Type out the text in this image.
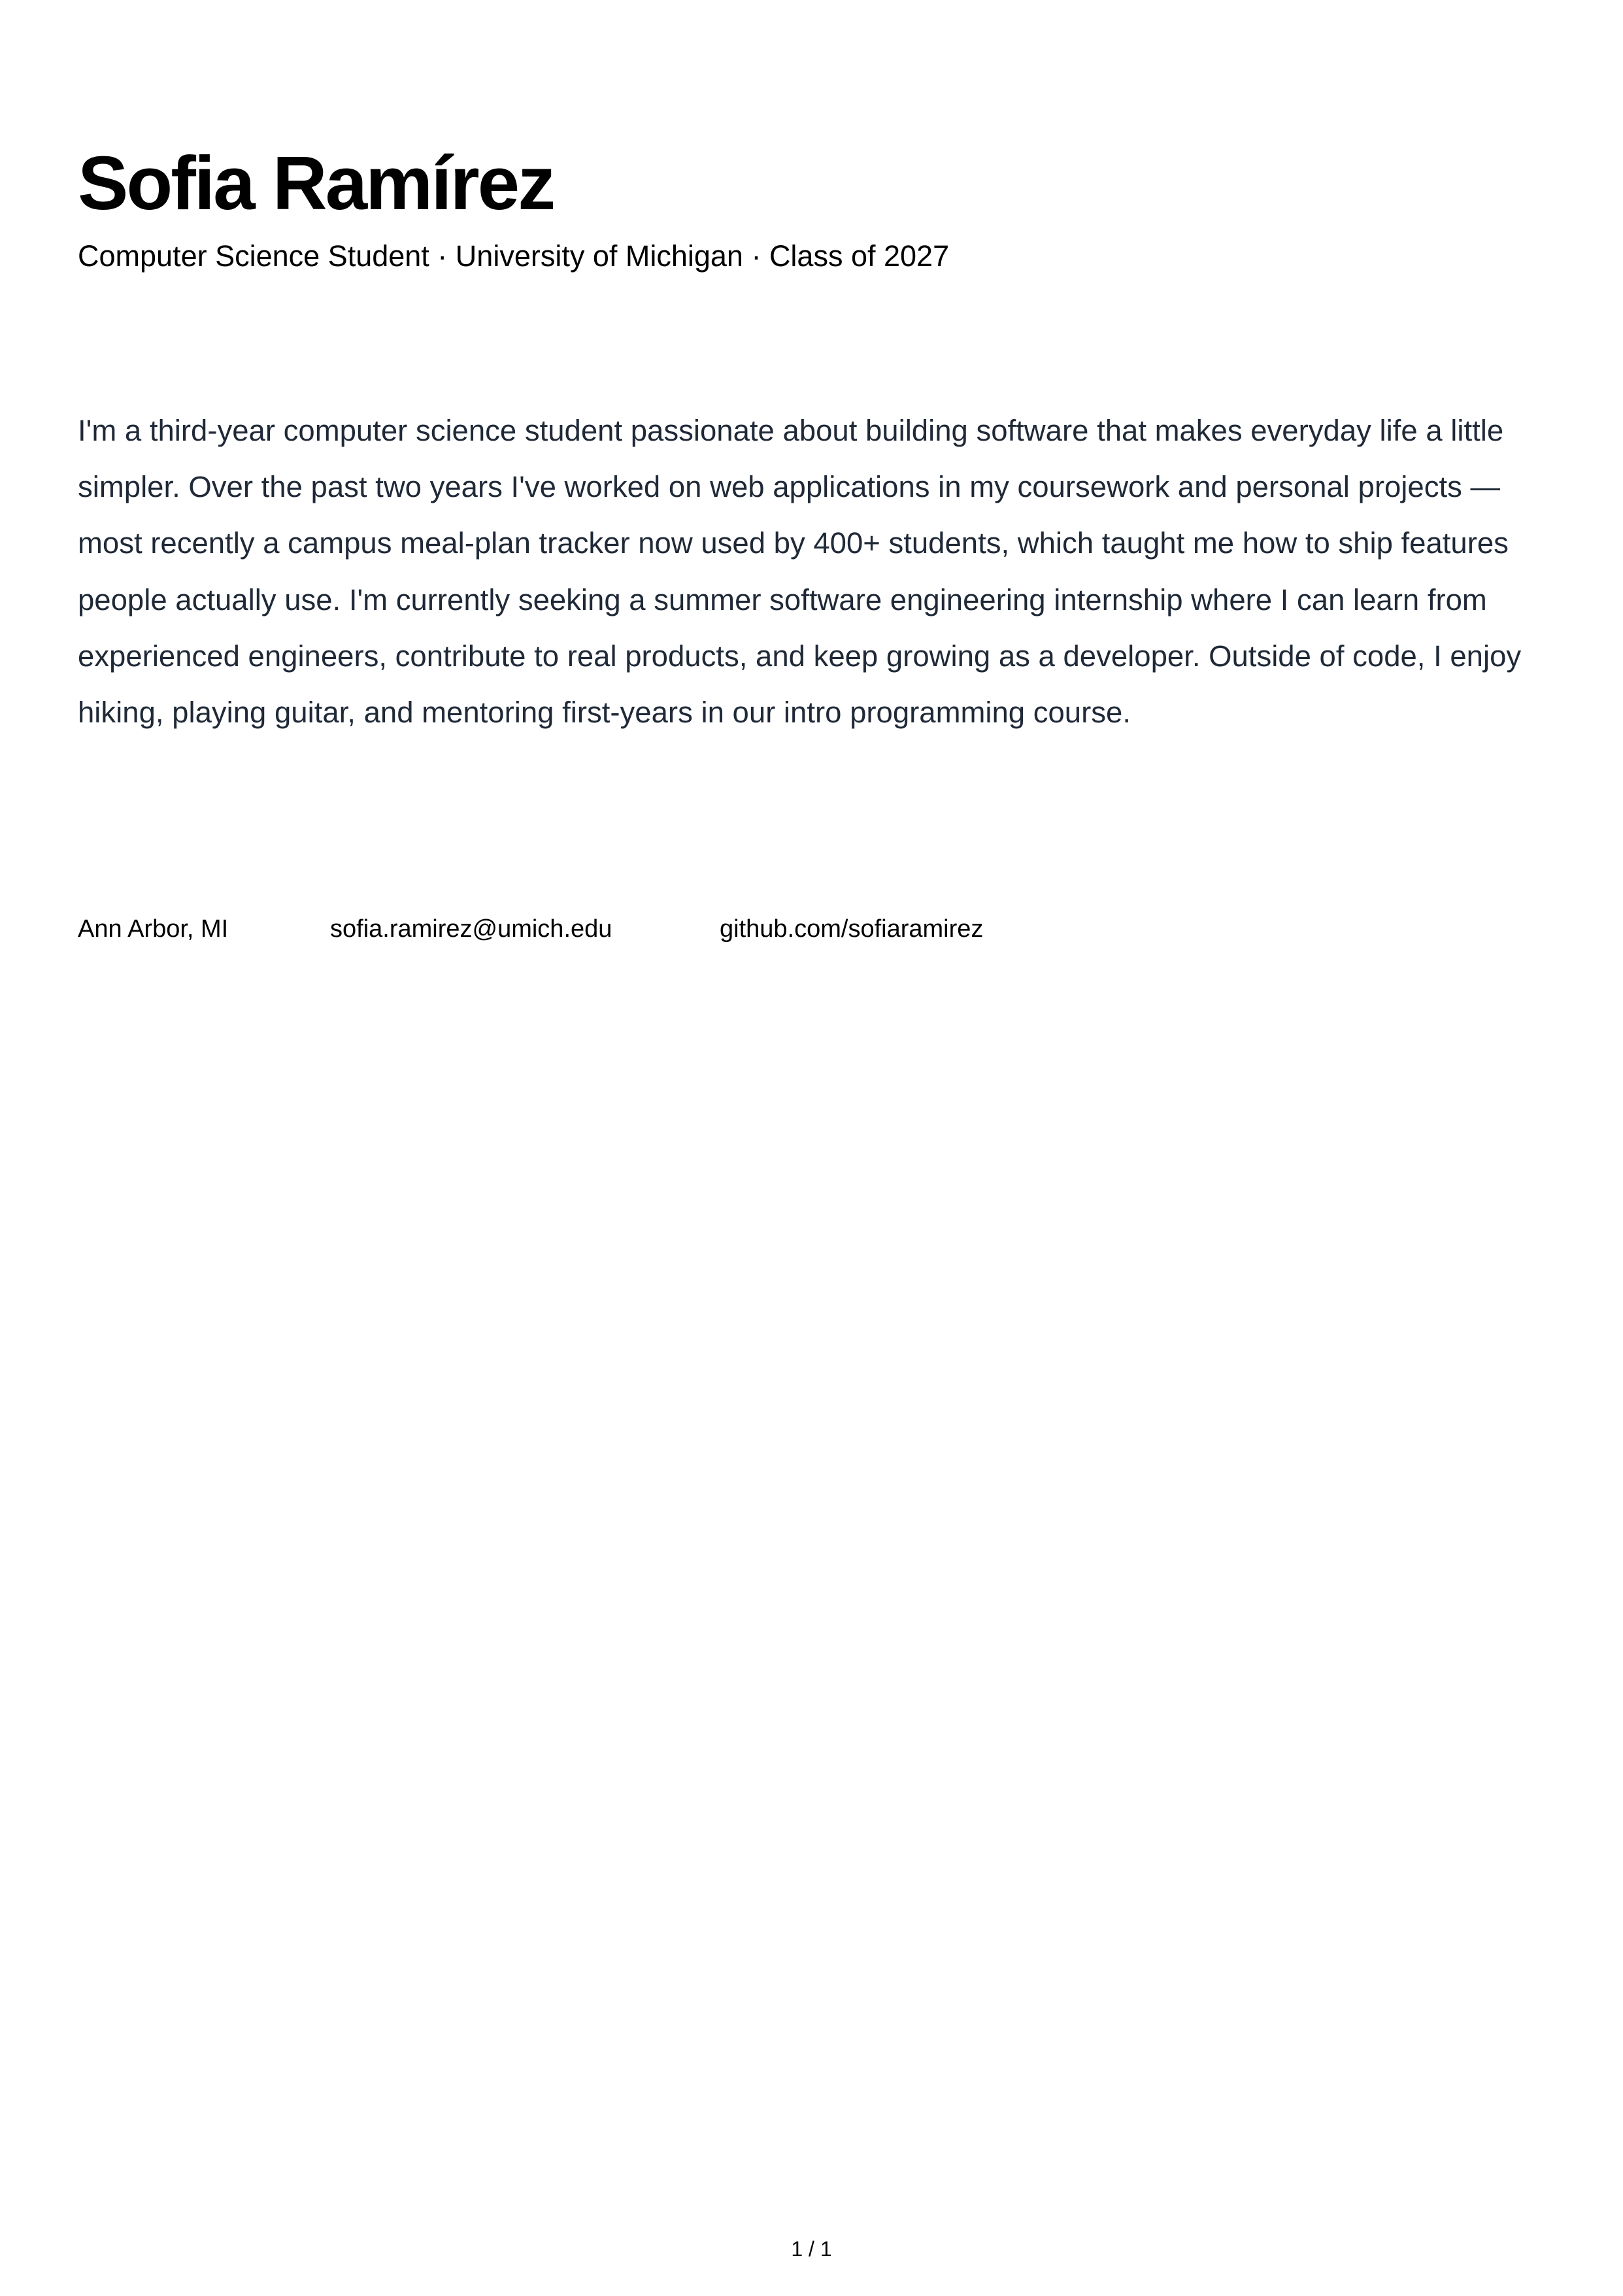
Sofia Ramírez

Computer Science Student · University of Michigan · Class of 2027

I'm a third-year computer science student passionate about building software that makes everyday life a little simpler. Over the past two years I've worked on web applications in my coursework and personal projects — most recently a campus meal-plan tracker now used by 400+ students, which taught me how to ship features people actually use. I'm currently seeking a summer software engineering internship where I can learn from experienced engineers, contribute to real products, and keep growing as a developer. Outside of code, I enjoy hiking, playing guitar, and mentoring first-years in our intro programming course.

Ann Arbor, MI	sofia.ramirez@umich.edu	github.com/sofiaramirez
1 / 1
